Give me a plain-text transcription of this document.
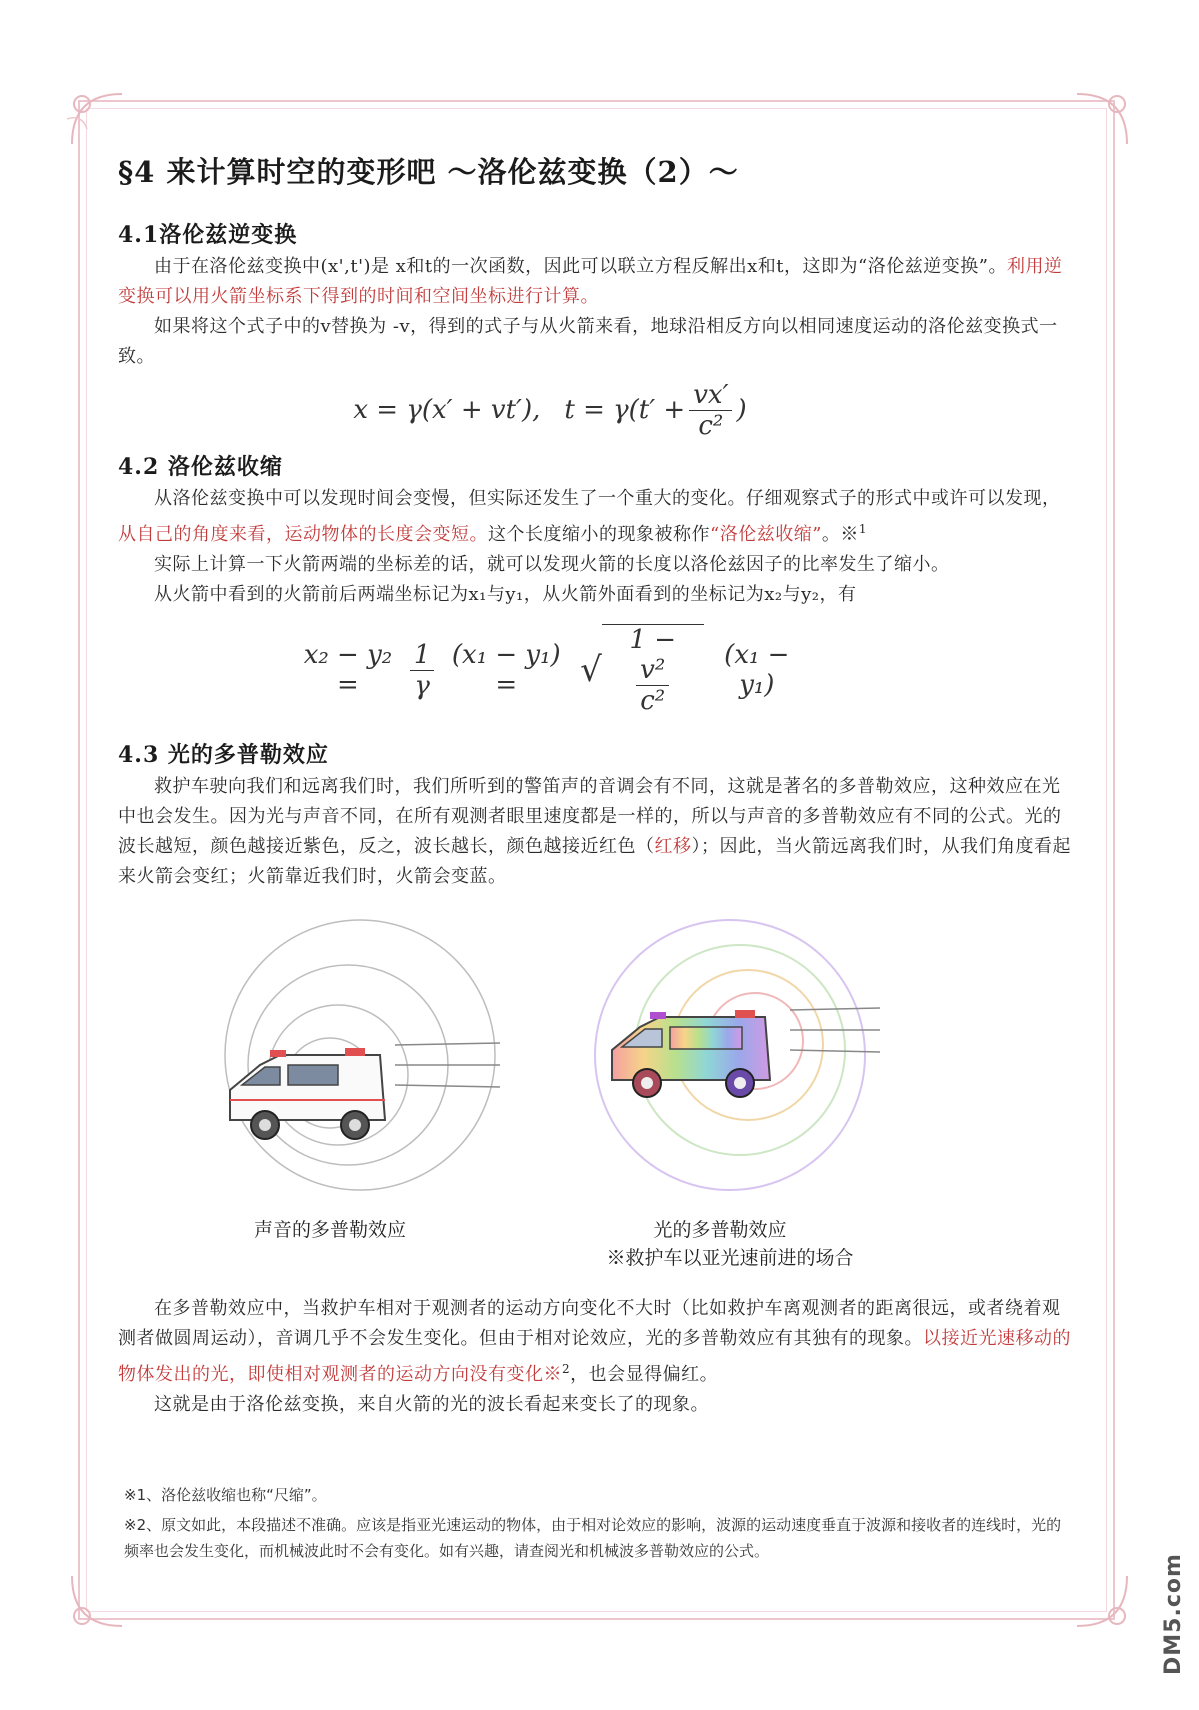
§4 来计算时空的变形吧 ～洛伦兹变换（2）～
4.1洛伦兹逆变换

由于在洛伦兹变换中(x',t')是 x和t的一次函数，因此可以联立方程反解出x和t，这即为“洛伦兹逆变换”。利用逆变换可以用火箭坐标系下得到的时间和空间坐标进行计算。

如果将这个式子中的v替换为 -v，得到的式子与从火箭来看，地球沿相反方向以相同速度运动的洛伦兹变换式一致。

x = γ(x′ + vt′), $t = \gamma(t' + \frac{vx'}{\text{c²}}$ )
4.2 洛伦兹收缩

从洛伦兹变换中可以发现时间会变慢，但实际还发生了一个重大的变化。仔细观察式子的形式中或许可以发现，从自己的角度来看，运动物体的长度会变短。这个长度缩小的现象被称作“洛伦兹收缩”。※$^1$

实际上计算一下火箭两端的坐标差的话，就可以发现火箭的长度以洛伦兹因子的比率发生了缩小。

从火箭中看到的火箭前后两端坐标记为x₁与y₁，从火箭外面看到的坐标记为x₂与y₂，有

x₂ − y₂ =	$\frac{1}{\gamma} (x_1 - y_1)$ =	√
1 −
$\frac{\text{v²}}{\text{c²}}$	(x₁ − y₁)
4.3 光的多普勒效应

救护车驶向我们和远离我们时，我们所听到的警笛声的音调会有不同，这就是著名的多普勒效应，这种效应在光中也会发生。因为光与声音不同，在所有观测者眼里速度都是一样的，所以与声音的多普勒效应有不同的公式。光的波长越短，颜色越接近紫色，反之，波长越长，颜色越接近红色（红移）；因此，当火箭远离我们时，从我们角度看起来火箭会变红；火箭靠近我们时，火箭会变蓝。

声音的多普勒效应	光的多普勒效应
※救护车以亚光速前进的场合

在多普勒效应中，当救护车相对于观测者的运动方向变化不大时（比如救护车离观测者的距离很远，或者绕着观测者做圆周运动），音调几乎不会发生变化。但由于相对论效应，光的多普勒效应有其独有的现象。以接近光速移动的物体发出的光，即使相对观测者的运动方向没有变化※$^2$，也会显得偏红。

这就是由于洛伦兹变换，来自火箭的光的波长看起来变长了的现象。

※1、洛伦兹收缩也称“尺缩”。
※2、原文如此，本段描述不准确。应该是指亚光速运动的物体，由于相对论效应的影响，波源的运动速度垂直于波源和接收者的连线时，光的频率也会发生变化，而机械波此时不会有变化。如有兴趣，请查阅光和机械波多普勒效应的公式。
DM5.com
